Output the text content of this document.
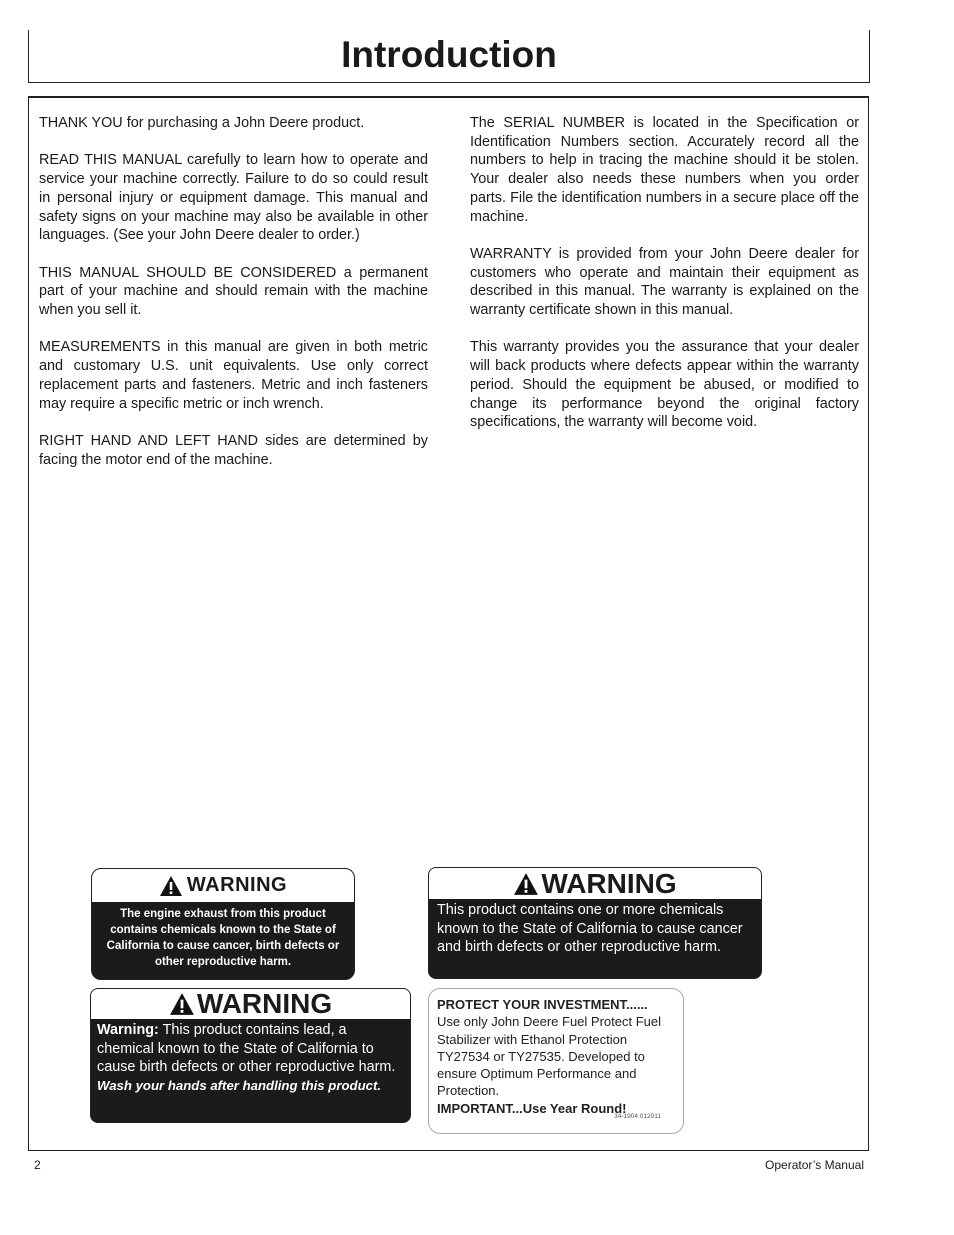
Introduction

THANK YOU for purchasing a John Deere product.

READ THIS MANUAL carefully to learn how to operate and service your machine correctly. Failure to do so could result in personal injury or equipment damage. This manual and safety signs on your machine may also be available in other languages. (See your John Deere dealer to order.)

THIS MANUAL SHOULD BE CONSIDERED a permanent part of your machine and should remain with the machine when you sell it.

MEASUREMENTS in this manual are given in both metric and customary U.S. unit equivalents. Use only correct replacement parts and fasteners. Metric and inch fasteners may require a specific metric or inch wrench.

RIGHT HAND AND LEFT HAND sides are determined by facing the motor end of the machine.

The SERIAL NUMBER is located in the Specification or Identification Numbers section. Accurately record all the numbers to help in tracing the machine should it be stolen. Your dealer also needs these numbers when you order parts. File the identification numbers in a secure place off the machine.

WARRANTY is provided from your John Deere dealer for customers who operate and maintain their equipment as described in this manual. The warranty is explained on the warranty certificate shown in this manual.

This warranty provides you the assurance that your dealer will back products where defects appear within the warranty period. Should the equipment be abused, or modified to change its performance beyond the original factory specifications, the warranty will become void.

WARNING
The engine exhaust from this product contains chemicals known to the State of California to cause cancer, birth defects or other reproductive harm.
WARNING
This product contains one or more chemicals known to the State of California to cause cancer and birth defects or other reproductive harm.
WARNING
Warning: This product contains lead, a chemical known to the State of California to cause birth defects or other reproductive harm.
Wash your hands after handling this product.
PROTECT YOUR INVESTMENT......
Use only John Deere Fuel Protect Fuel Stabilizer with Ethanol Protection TY27534 or TY27535. Developed to ensure Optimum Performance and Protection.
IMPORTANT...Use Year Round!
34-1904 012011
2	Operator’s Manual
